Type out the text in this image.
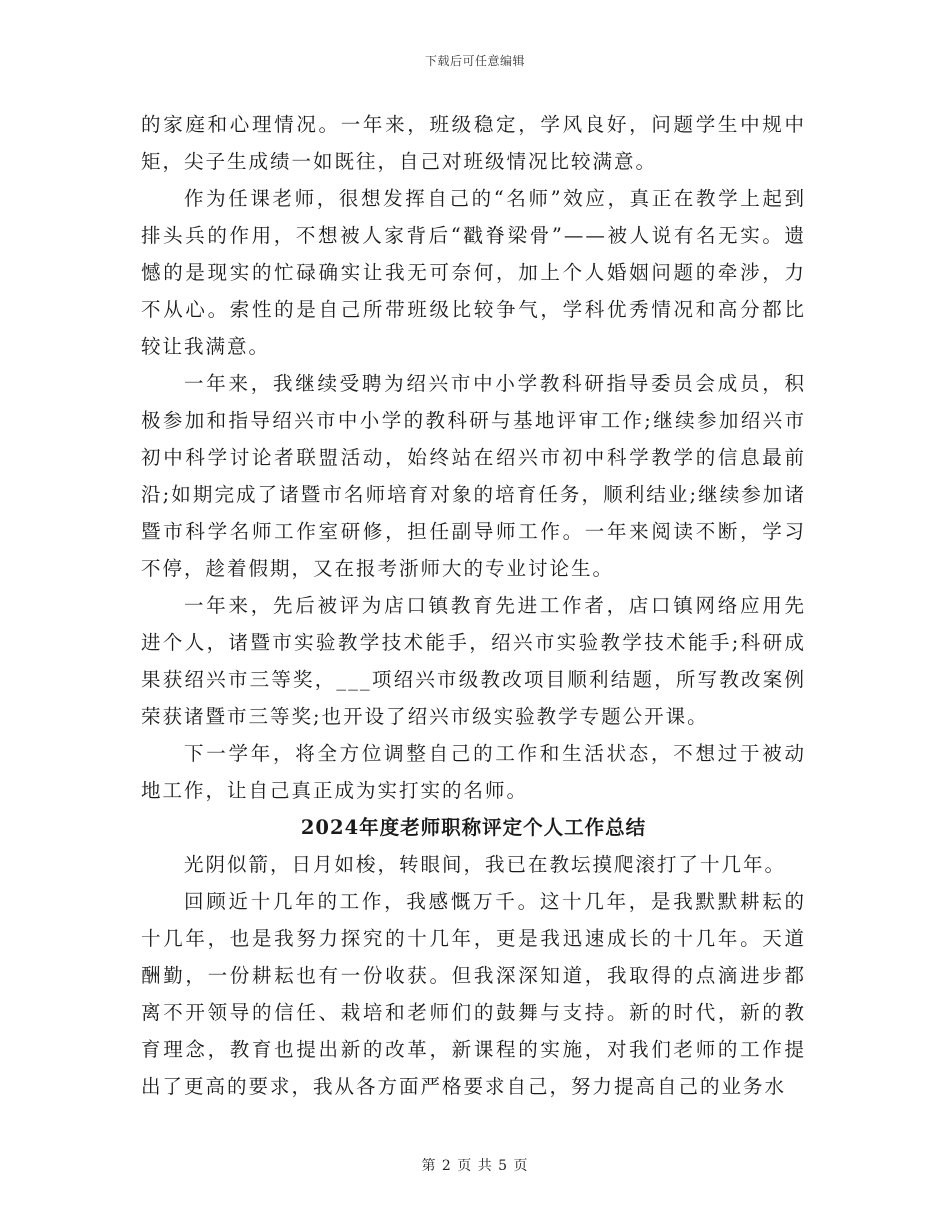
下载后可任意编辑

的家庭和心理情况。一年来，班级稳定，学风良好，问题学生中规中矩，尖子生成绩一如既往，自己对班级情况比较满意。

作为任课老师，很想发挥自己的“名师”效应，真正在教学上起到排头兵的作用，不想被人家背后“戳脊梁骨”——被人说有名无实。遗憾的是现实的忙碌确实让我无可奈何，加上个人婚姻问题的牵涉，力不从心。索性的是自己所带班级比较争气，学科优秀情况和高分都比较让我满意。

一年来，我继续受聘为绍兴市中小学教科研指导委员会成员，积极参加和指导绍兴市中小学的教科研与基地评审工作;继续参加绍兴市初中科学讨论者联盟活动，始终站在绍兴市初中科学教学的信息最前沿;如期完成了诸暨市名师培育对象的培育任务，顺利结业;继续参加诸暨市科学名师工作室研修，担任副导师工作。一年来阅读不断，学习不停，趁着假期，又在报考浙师大的专业讨论生。

一年来，先后被评为店口镇教育先进工作者，店口镇网络应用先进个人，诸暨市实验教学技术能手，绍兴市实验教学技术能手;科研成果获绍兴市三等奖，___项绍兴市级教改项目顺利结题，所写教改案例荣获诸暨市三等奖;也开设了绍兴市级实验教学专题公开课。

下一学年，将全方位调整自己的工作和生活状态，不想过于被动地工作，让自己真正成为实打实的名师。

2024年度老师职称评定个人工作总结

光阴似箭，日月如梭，转眼间，我已在教坛摸爬滚打了十几年。

回顾近十几年的工作，我感慨万千。这十几年，是我默默耕耘的十几年，也是我努力探究的十几年，更是我迅速成长的十几年。天道酬勤，一份耕耘也有一份收获。但我深深知道，我取得的点滴进步都离不开领导的信任、栽培和老师们的鼓舞与支持。新的时代，新的教育理念，教育也提出新的改革，新课程的实施，对我们老师的工作提出了更高的要求，我从各方面严格要求自己，努力提高自己的业务水

第 2 页 共 5 页
